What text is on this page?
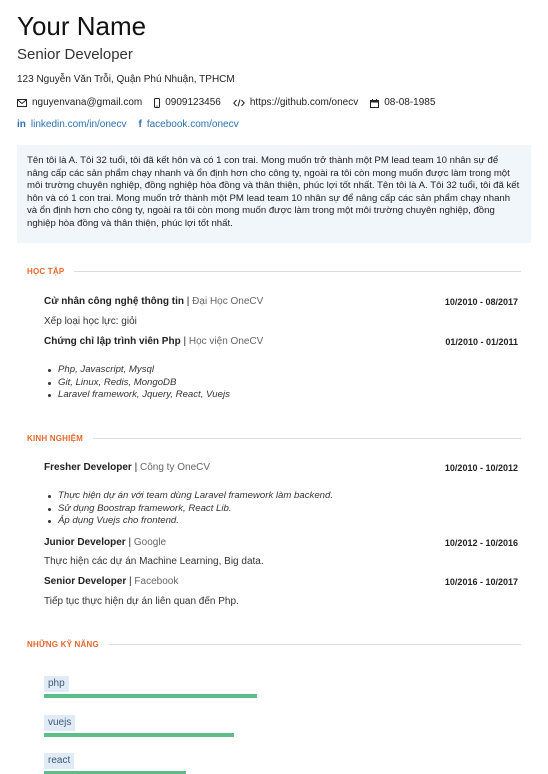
Your Name
Senior Developer
123 Nguyễn Văn Trỗi, Quận Phú Nhuận, TPHCM
nguyenvana@gmail.com 0909123456	https://github.com/onecv	08-08-1985
in linkedin.com/in/onecv f facebook.com/onecv
Tên tôi là A. Tôi 32 tuổi, tôi đã kết hôn và có 1 con trai. Mong muốn trở thành một PM lead team 10 nhân sự để nâng cấp các sản phẩm chạy nhanh và ổn định hơn cho công ty, ngoài ra tôi còn mong muốn được làm trong một môi trường chuyên nghiệp, đồng nghiệp hòa đồng và thân thiện, phúc lợi tốt nhất. Tên tôi là A. Tôi 32 tuổi, tôi đã kết hôn và có 1 con trai. Mong muốn trở thành một PM lead team 10 nhân sự để nâng cấp các sản phẩm chạy nhanh và ổn định hơn cho công ty, ngoài ra tôi còn mong muốn được làm trong một môi trường chuyên nghiệp, đồng nghiệp hòa đồng và thân thiện, phúc lợi tốt nhất.
HỌC TẬP
Cử nhân công nghệ thông tin | Đại Học OneCV	10/2010 - 08/2017
Xếp loại học lực: giỏi
Chứng chỉ lập trình viên Php | Học viện OneCV	01/2010 - 01/2011
Php, Javascript, Mysql
Git, Linux, Redis, MongoDB
Laravel framework, Jquery, React, Vuejs
KINH NGHIỆM
Fresher Developer | Công ty OneCV	10/2010 - 10/2012
Thực hiện dự án với team dùng Laravel framework làm backend.
Sử dụng Boostrap framework, React Lib.
Áp dụng Vuejs cho frontend.
Junior Developer | Google	10/2012 - 10/2016
Thực hiện các dự án Machine Learning, Big data.
Senior Developer | Facebook	10/2016 - 10/2017
Tiếp tục thực hiện dự án liên quan đến Php.
NHỮNG KỸ NĂNG
php
vuejs
react
